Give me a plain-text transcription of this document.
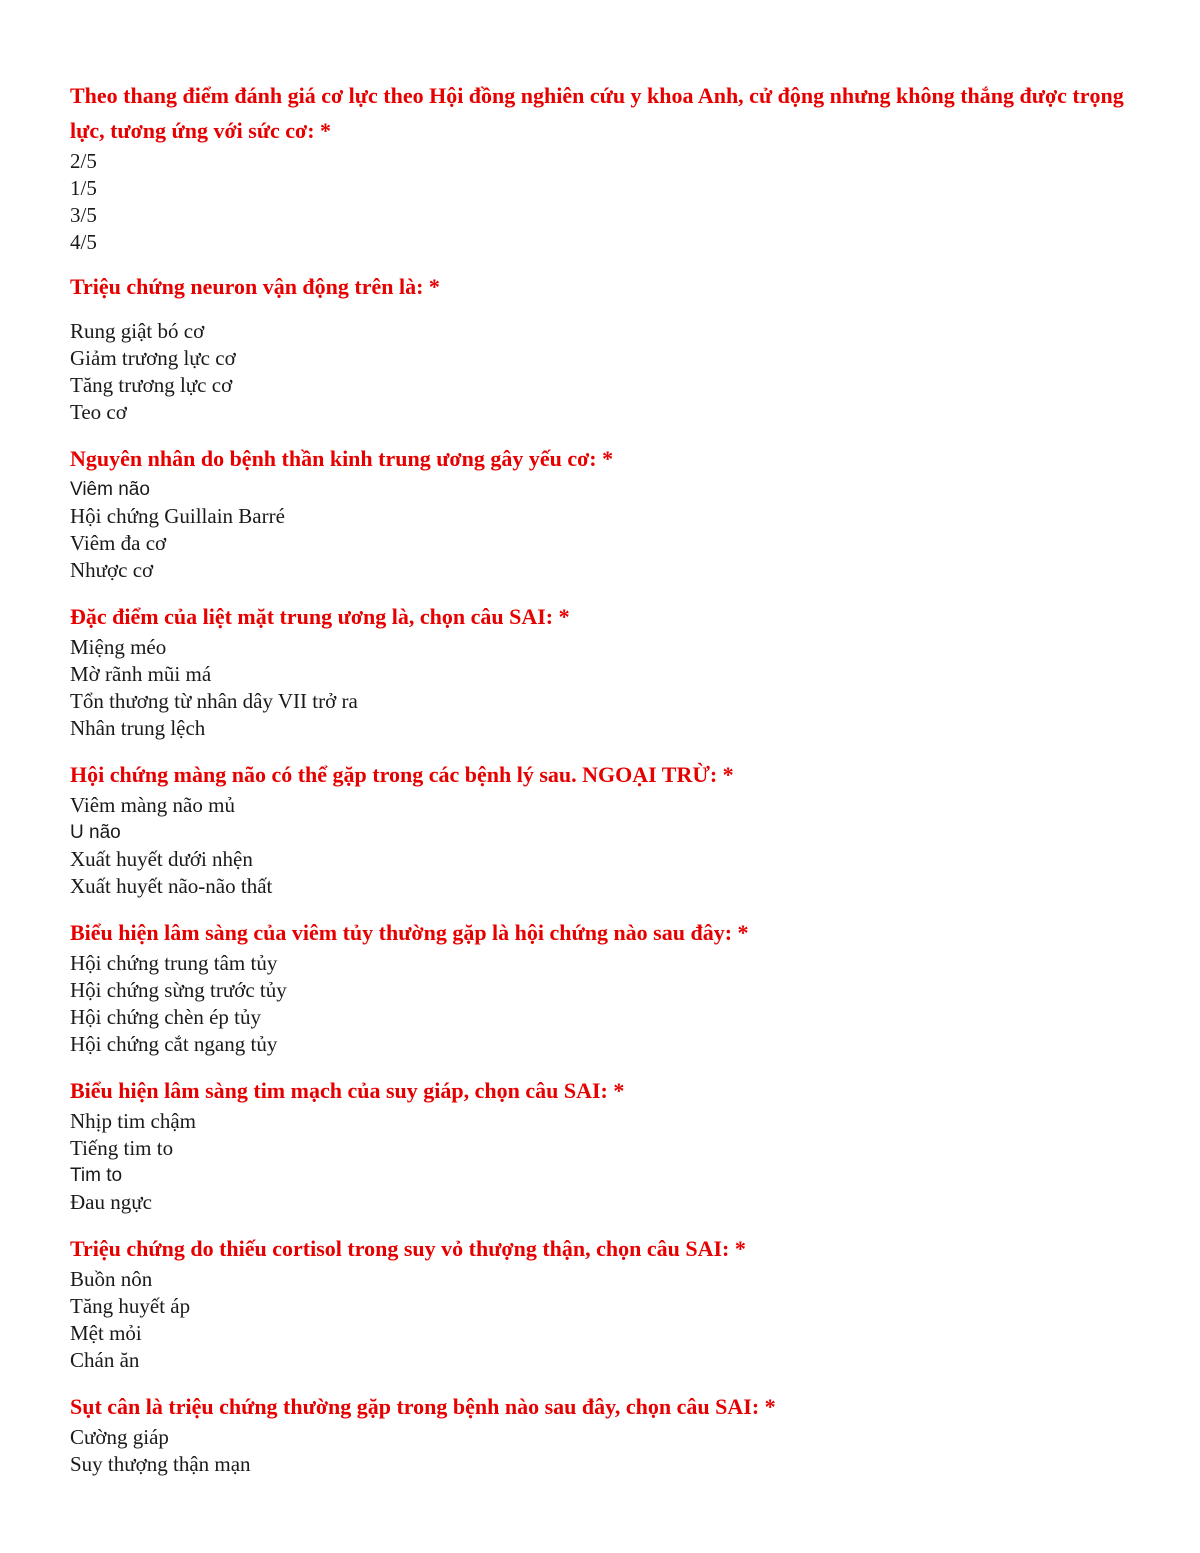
Theo thang điểm đánh giá cơ lực theo Hội đồng nghiên cứu y khoa Anh, cử động nhưng không thắng được trọng lực, tương ứng với sức cơ: *

2/5
1/5
3/5
4/5

Triệu chứng neuron vận động trên là: *

Rung giật bó cơ
Giảm trương lực cơ
Tăng trương lực cơ
Teo cơ

Nguyên nhân do bệnh thần kinh trung ương gây yếu cơ: *

Viêm não
Hội chứng Guillain Barré
Viêm đa cơ
Nhược cơ

Đặc điểm của liệt mặt trung ương là, chọn câu SAI: *

Miệng méo
Mờ rãnh mũi má
Tổn thương từ nhân dây VII trở ra
Nhân trung lệch

Hội chứng màng não có thể gặp trong các bệnh lý sau. NGOẠI TRỪ: *

Viêm màng não mủ
U não
Xuất huyết dưới nhện
Xuất huyết não-não thất

Biểu hiện lâm sàng của viêm tủy thường gặp là hội chứng nào sau đây: *

Hội chứng trung tâm tủy
Hội chứng sừng trước tủy
Hội chứng chèn ép tủy
Hội chứng cắt ngang tủy

Biểu hiện lâm sàng tim mạch của suy giáp, chọn câu SAI: *

Nhịp tim chậm
Tiếng tim to
Tim to
Đau ngực

Triệu chứng do thiếu cortisol trong suy vỏ thượng thận, chọn câu SAI: *

Buồn nôn
Tăng huyết áp
Mệt mỏi
Chán ăn

Sụt cân là triệu chứng thường gặp trong bệnh nào sau đây, chọn câu SAI: *

Cường giáp
Suy thượng thận mạn
